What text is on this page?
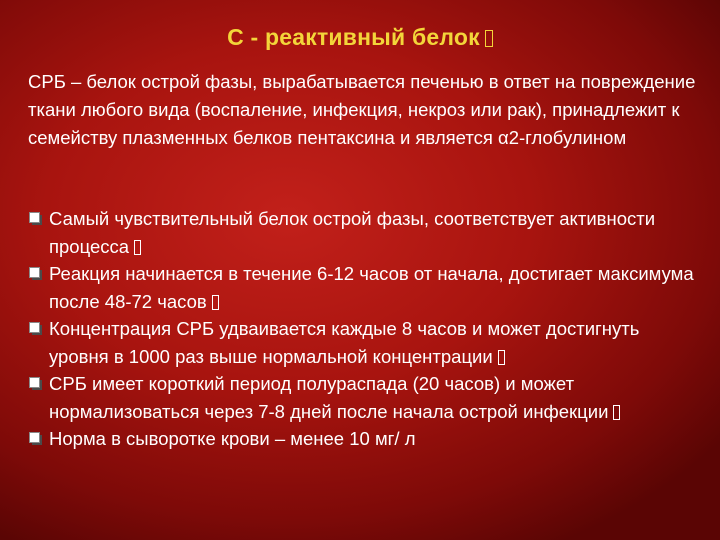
С - реактивный белок
СРБ – белок острой фазы, вырабатывается печенью в ответ на повреждение ткани любого вида (воспаление, инфекция, некроз или рак), принадлежит к семейству плазменных белков пентаксина и является α2-глобулином
Самый чувствительный белок острой фазы, соответствует активности процесса
Реакция начинается в течение 6-12 часов от начала, достигает максимума после 48-72 часов
Концентрация СРБ удваивается каждые 8 часов и может достигнуть уровня в 1000 раз выше нормальной концентрации
СРБ имеет короткий период полураспада (20 часов) и может нормализоваться через 7-8 дней после начала острой инфекции
Норма в сыворотке крови – менее 10 мг/ л
